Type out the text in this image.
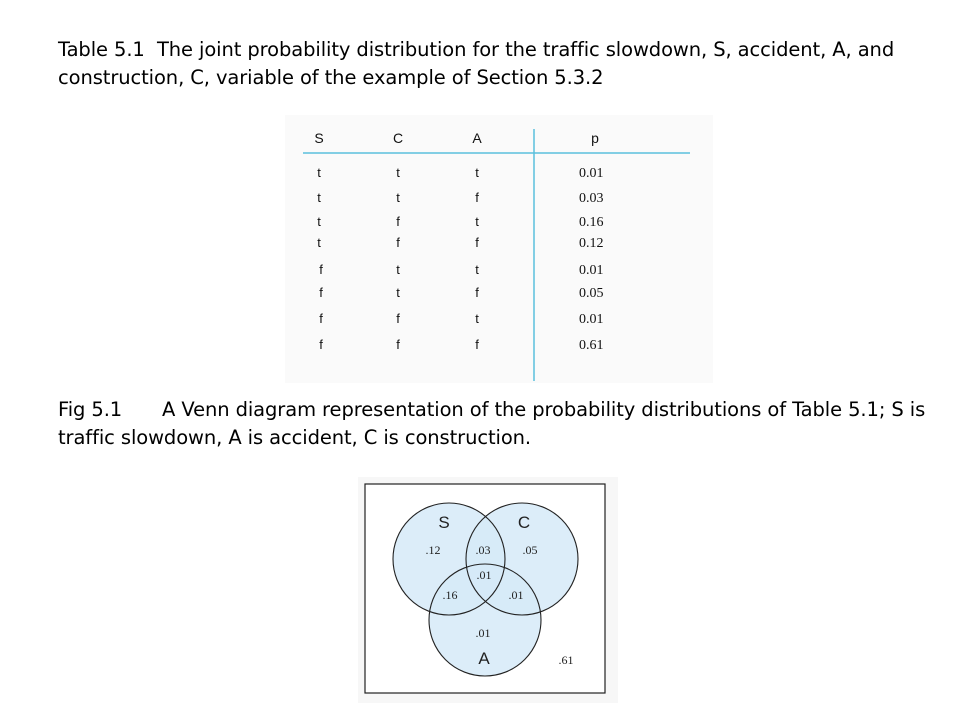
Table 5.1 The joint probability distribution for the traffic slowdown, S, accident, A, and construction, C, variable of the example of Section 5.3.2
S	C	A	p
t	t	t	0.01
t	t	f	0.03
t	f	t	0.16
t	f	f	0.12
f	t	t	0.01
f	t	f	0.05
f	f	t	0.01
f	f	f	0.61
Fig 5.1 A Venn diagram representation of the probability distributions of Table 5.1; S is traffic slowdown, A is accident, C is construction.
S	C
A
.12	.03	.05
.01
.16	.01
.01
.61
